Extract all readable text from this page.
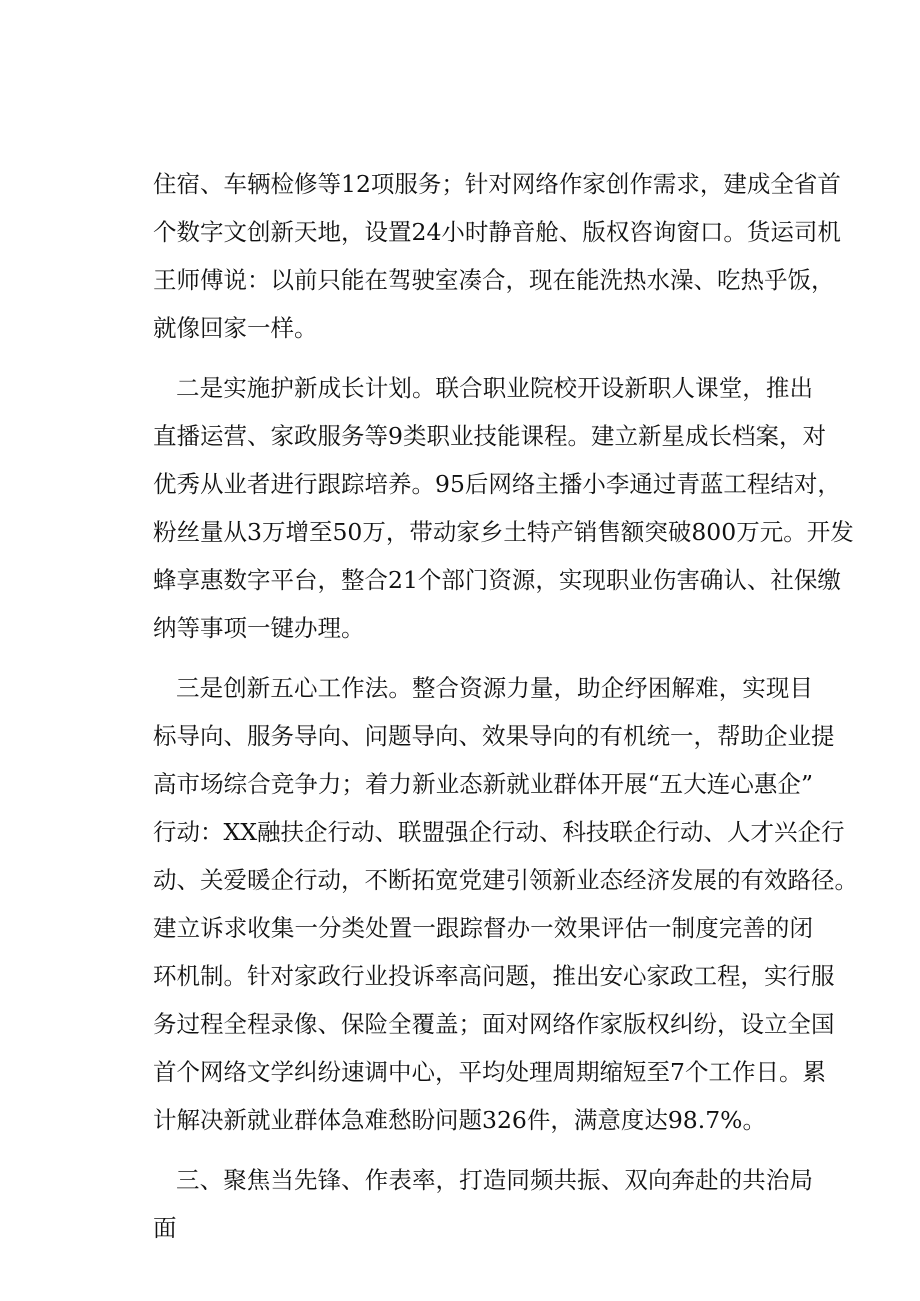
住宿、车辆检修等12项服务；针对网络作家创作需求，建成全省首
个数字文创新天地，设置24小时静音舱、版权咨询窗口。货运司机
王师傅说：以前只能在驾驶室凑合，现在能洗热水澡、吃热乎饭，
就像回家一样。
二是实施护新成长计划。联合职业院校开设新职人课堂，推出
直播运营、家政服务等9类职业技能课程。建立新星成长档案，对
优秀从业者进行跟踪培养。95后网络主播小李通过青蓝工程结对，
粉丝量从3万增至50万，带动家乡土特产销售额突破800万元。开发
蜂享惠数字平台，整合21个部门资源，实现职业伤害确认、社保缴
纳等事项一键办理。
三是创新五心工作法。整合资源力量，助企纾困解难，实现目
标导向、服务导向、问题导向、效果导向的有机统一，帮助企业提
高市场综合竞争力；着力新业态新就业群体开展“五大连心惠企”
行动：XX融扶企行动、联盟强企行动、科技联企行动、人才兴企行
动、关爱暖企行动，不断拓宽党建引领新业态经济发展的有效路径。
建立诉求收集一分类处置一跟踪督办一效果评估一制度完善的闭
环机制。针对家政行业投诉率高问题，推出安心家政工程，实行服
务过程全程录像、保险全覆盖；面对网络作家版权纠纷，设立全国
首个网络文学纠纷速调中心，平均处理周期缩短至7个工作日。累
计解决新就业群体急难愁盼问题326件，满意度达98.7%。
三、聚焦当先锋、作表率，打造同频共振、双向奔赴的共治局
面
